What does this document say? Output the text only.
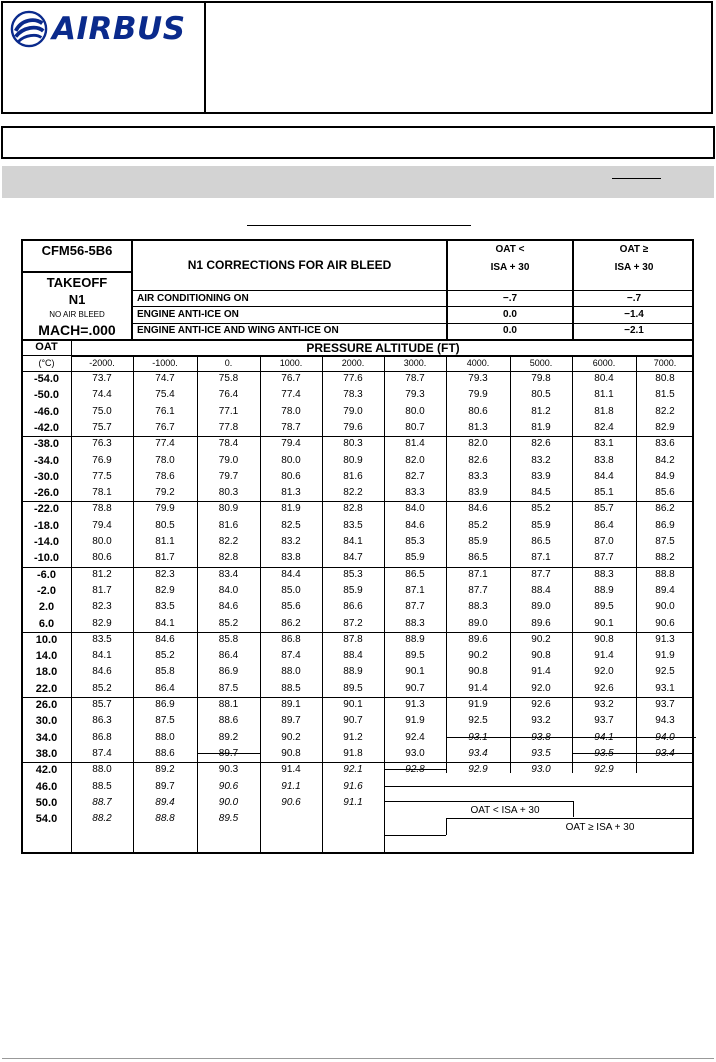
AIRBUS
CFM56-5B6
TAKEOFF
N1
NO AIR BLEED
MACH=.000
N1 CORRECTIONS FOR AIR BLEED
OAT <
ISA + 30
OAT ≥
ISA + 30
AIR CONDITIONING ON	−.7	−.7
ENGINE ANTI-ICE ON	0.0	−1.4
ENGINE ANTI-ICE AND WING ANTI-ICE ON	0.0	−2.1
OAT
(°C)
PRESSURE ALTITUDE (FT)
-2000.	-1000.	0.	1000.	2000.	3000.	4000.	5000.	6000.	7000.
-54.0	73.7	74.7	75.8	76.7	77.6	78.7	79.3	79.8	80.4	80.8
-50.0	74.4	75.4	76.4	77.4	78.3	79.3	79.9	80.5	81.1	81.5
-46.0	75.0	76.1	77.1	78.0	79.0	80.0	80.6	81.2	81.8	82.2
-42.0	75.7	76.7	77.8	78.7	79.6	80.7	81.3	81.9	82.4	82.9
-38.0	76.3	77.4	78.4	79.4	80.3	81.4	82.0	82.6	83.1	83.6
-34.0	76.9	78.0	79.0	80.0	80.9	82.0	82.6	83.2	83.8	84.2
-30.0	77.5	78.6	79.7	80.6	81.6	82.7	83.3	83.9	84.4	84.9
-26.0	78.1	79.2	80.3	81.3	82.2	83.3	83.9	84.5	85.1	85.6
-22.0	78.8	79.9	80.9	81.9	82.8	84.0	84.6	85.2	85.7	86.2
-18.0	79.4	80.5	81.6	82.5	83.5	84.6	85.2	85.9	86.4	86.9
-14.0	80.0	81.1	82.2	83.2	84.1	85.3	85.9	86.5	87.0	87.5
-10.0	80.6	81.7	82.8	83.8	84.7	85.9	86.5	87.1	87.7	88.2
-6.0	81.2	82.3	83.4	84.4	85.3	86.5	87.1	87.7	88.3	88.8
-2.0	81.7	82.9	84.0	85.0	85.9	87.1	87.7	88.4	88.9	89.4
2.0	82.3	83.5	84.6	85.6	86.6	87.7	88.3	89.0	89.5	90.0
6.0	82.9	84.1	85.2	86.2	87.2	88.3	89.0	89.6	90.1	90.6
10.0	83.5	84.6	85.8	86.8	87.8	88.9	89.6	90.2	90.8	91.3
14.0	84.1	85.2	86.4	87.4	88.4	89.5	90.2	90.8	91.4	91.9
18.0	84.6	85.8	86.9	88.0	88.9	90.1	90.8	91.4	92.0	92.5
22.0	85.2	86.4	87.5	88.5	89.5	90.7	91.4	92.0	92.6	93.1
26.0	85.7	86.9	88.1	89.1	90.1	91.3	91.9	92.6	93.2	93.7
30.0	86.3	87.5	88.6	89.7	90.7	91.9	92.5	93.2	93.7	94.3
34.0	86.8	88.0	89.2	90.2	91.2	92.4	93.1	93.8	94.1	94.0
38.0	87.4	88.6	89.7	90.8	91.8	93.0	93.4	93.5	93.5	93.4
42.0	88.0	89.2	90.3	91.4	92.1	92.8	92.9	93.0	92.9
46.0	88.5	89.7	90.6	91.1	91.6
50.0	88.7	89.4	90.0	90.6	91.1
54.0	88.2	88.8	89.5
OAT < ISA + 30
OAT ≥ ISA + 30
